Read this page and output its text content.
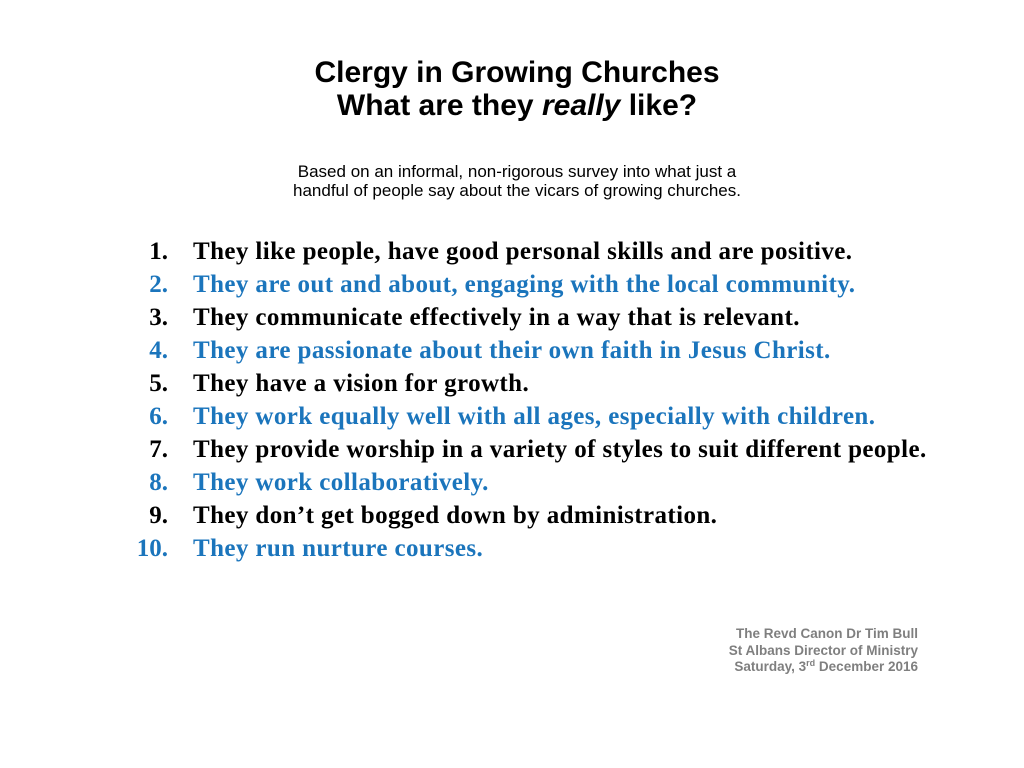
Clergy in Growing Churches
What are they really like?
Based on an informal, non-rigorous survey into what just a
handful of people say about the vicars of growing churches.
1. They like people, have good personal skills and are positive.
2. They are out and about, engaging with the local community.
3. They communicate effectively in a way that is relevant.
4. They are passionate about their own faith in Jesus Christ.
5. They have a vision for growth.
6. They work equally well with all ages, especially with children.
7. They provide worship in a variety of styles to suit different people.
8. They work collaboratively.
9. They don’t get bogged down by administration.
10. They run nurture courses.
The Revd Canon Dr Tim Bull
St Albans Director of Ministry
Saturday, 3rd December 2016
